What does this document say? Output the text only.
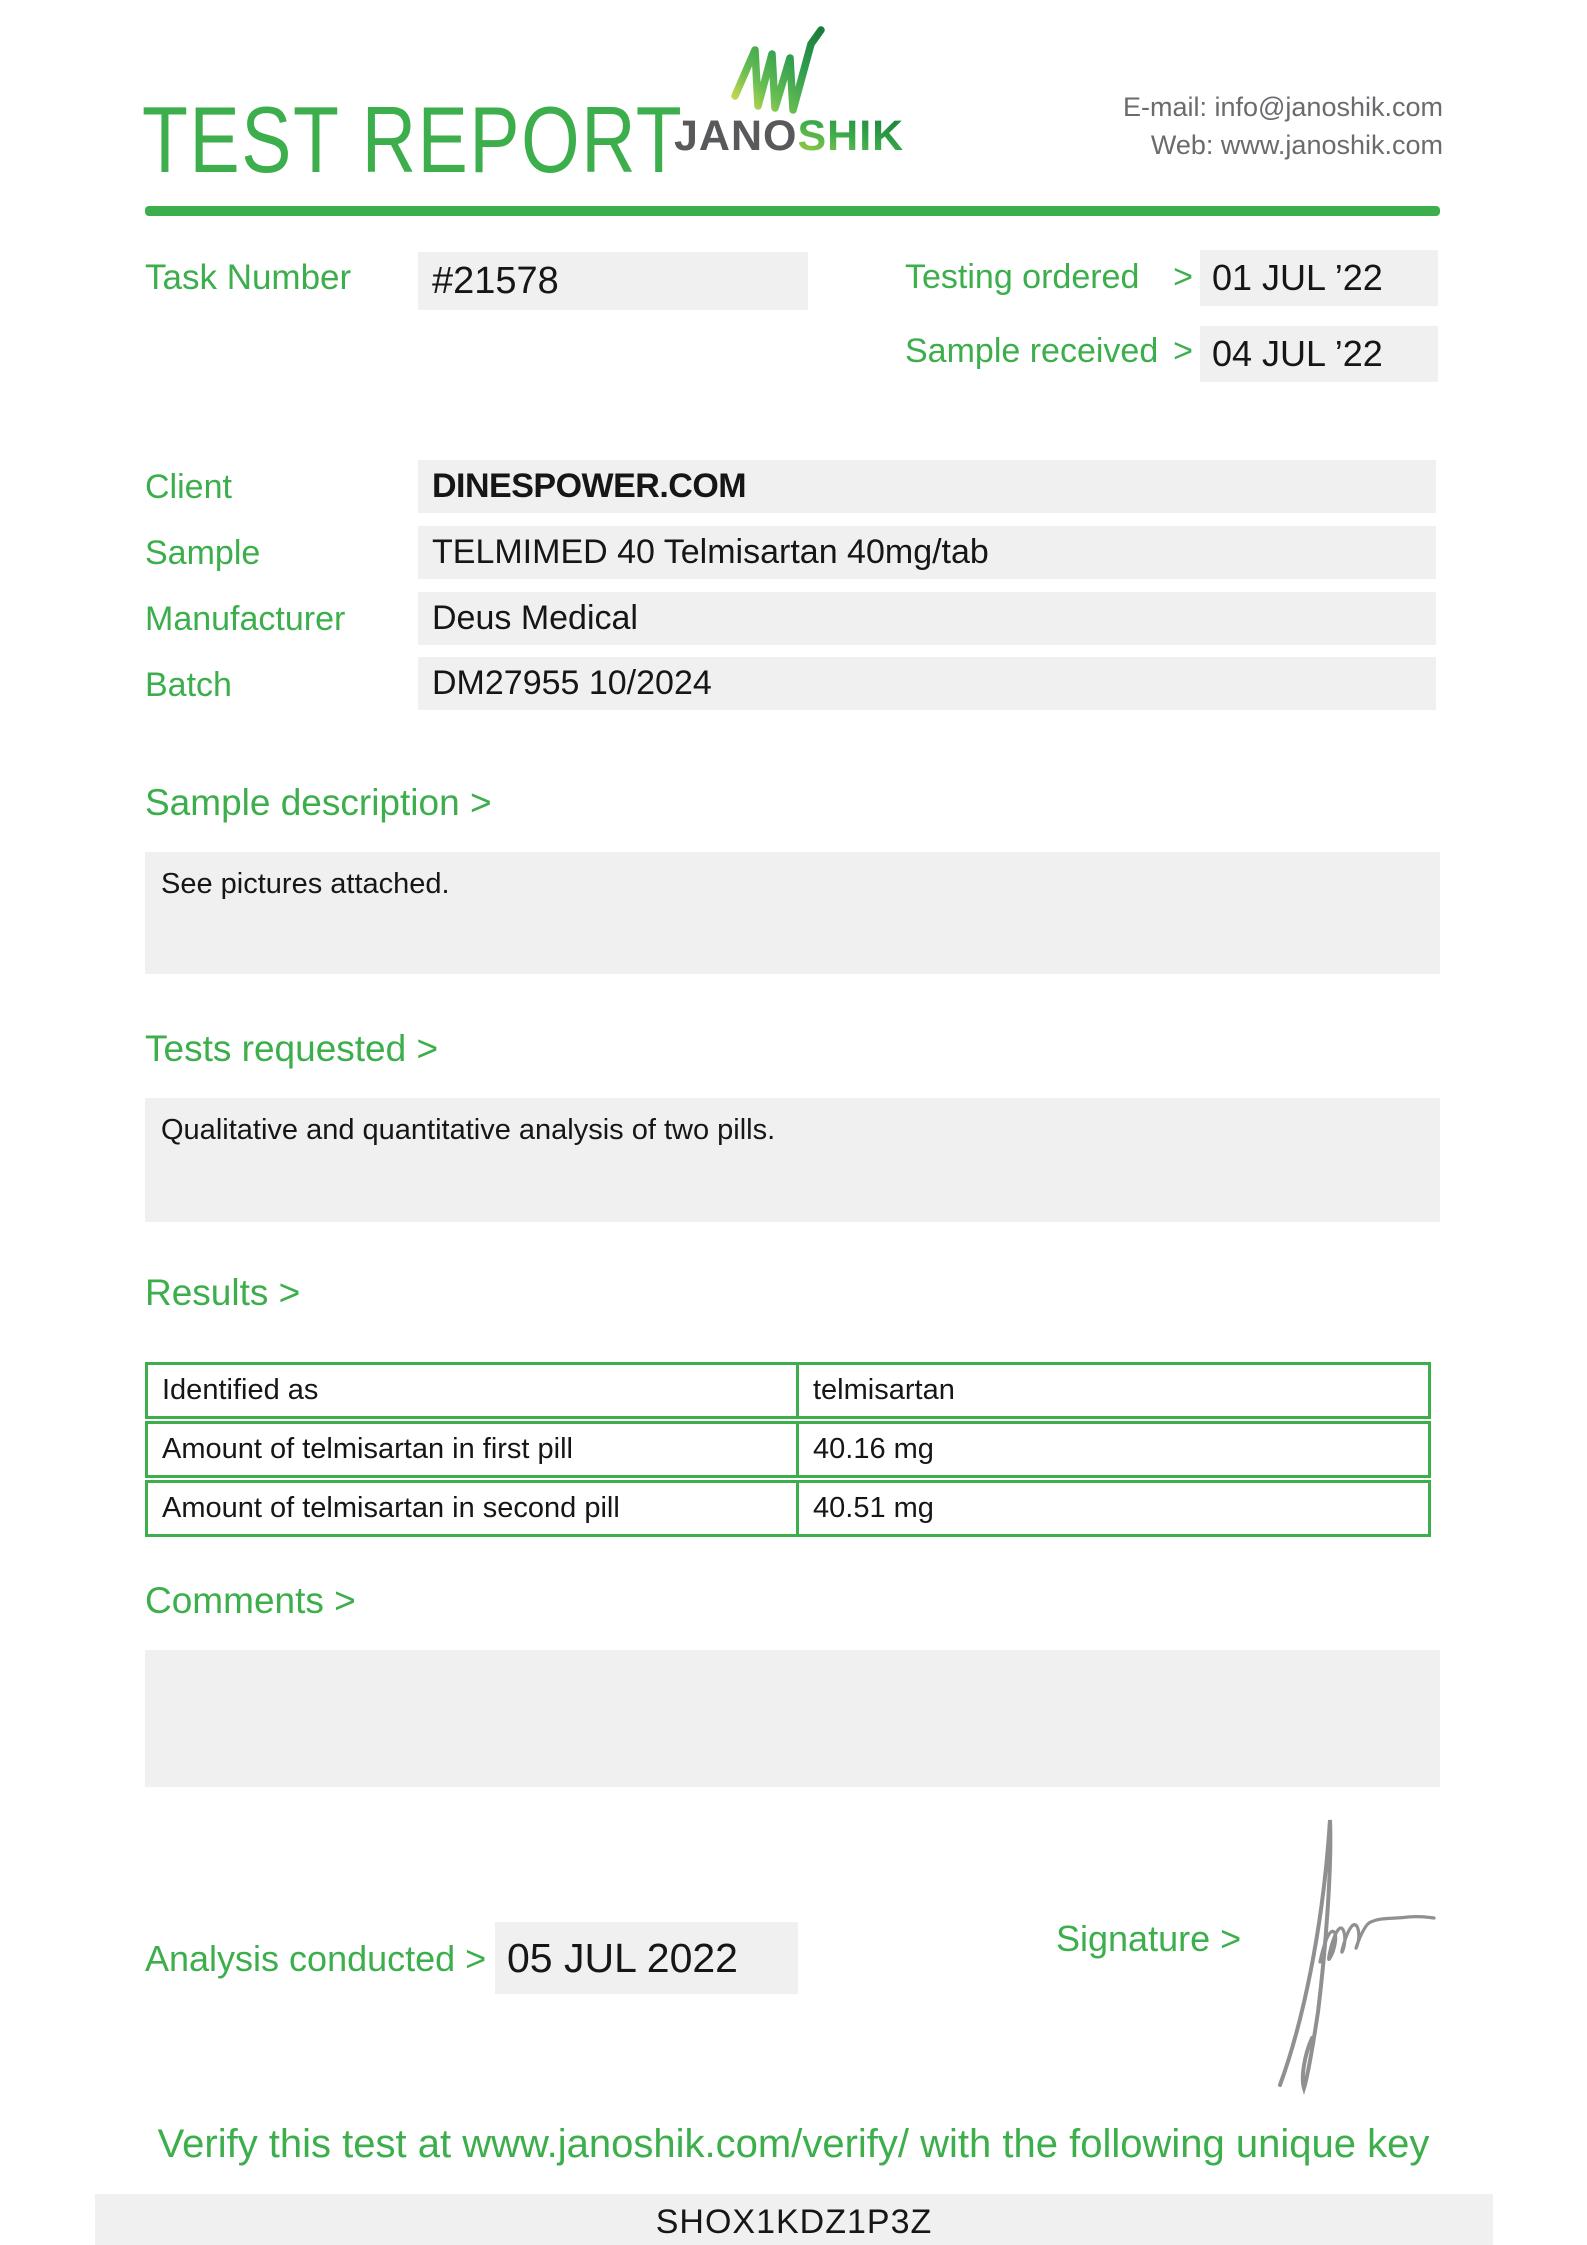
TEST REPORT
JANOSHIK
E-mail: info@janoshik.com
Web: www.janoshik.com
Task Number	#21578	Testing ordered > 01 JUL ’22
Sample received > 04 JUL ’22
Client	DINESPOWER.COM
Sample	TELMIMED 40 Telmisartan 40mg/tab
Manufacturer	Deus Medical
Batch	DM27955 10/2024
Sample description >

See pictures attached.

Tests requested >

Qualitative and quantitative analysis of two pills.

Results >
Identified as	telmisartan
Amount of telmisartan in first pill	40.16 mg
Amount of telmisartan in second pill	40.51 mg
Comments >

Analysis conducted > 05 JUL 2022	Signature >
Verify this test at www.janoshik.com/verify/ with the following unique key
SHOX1KDZ1P3Z
